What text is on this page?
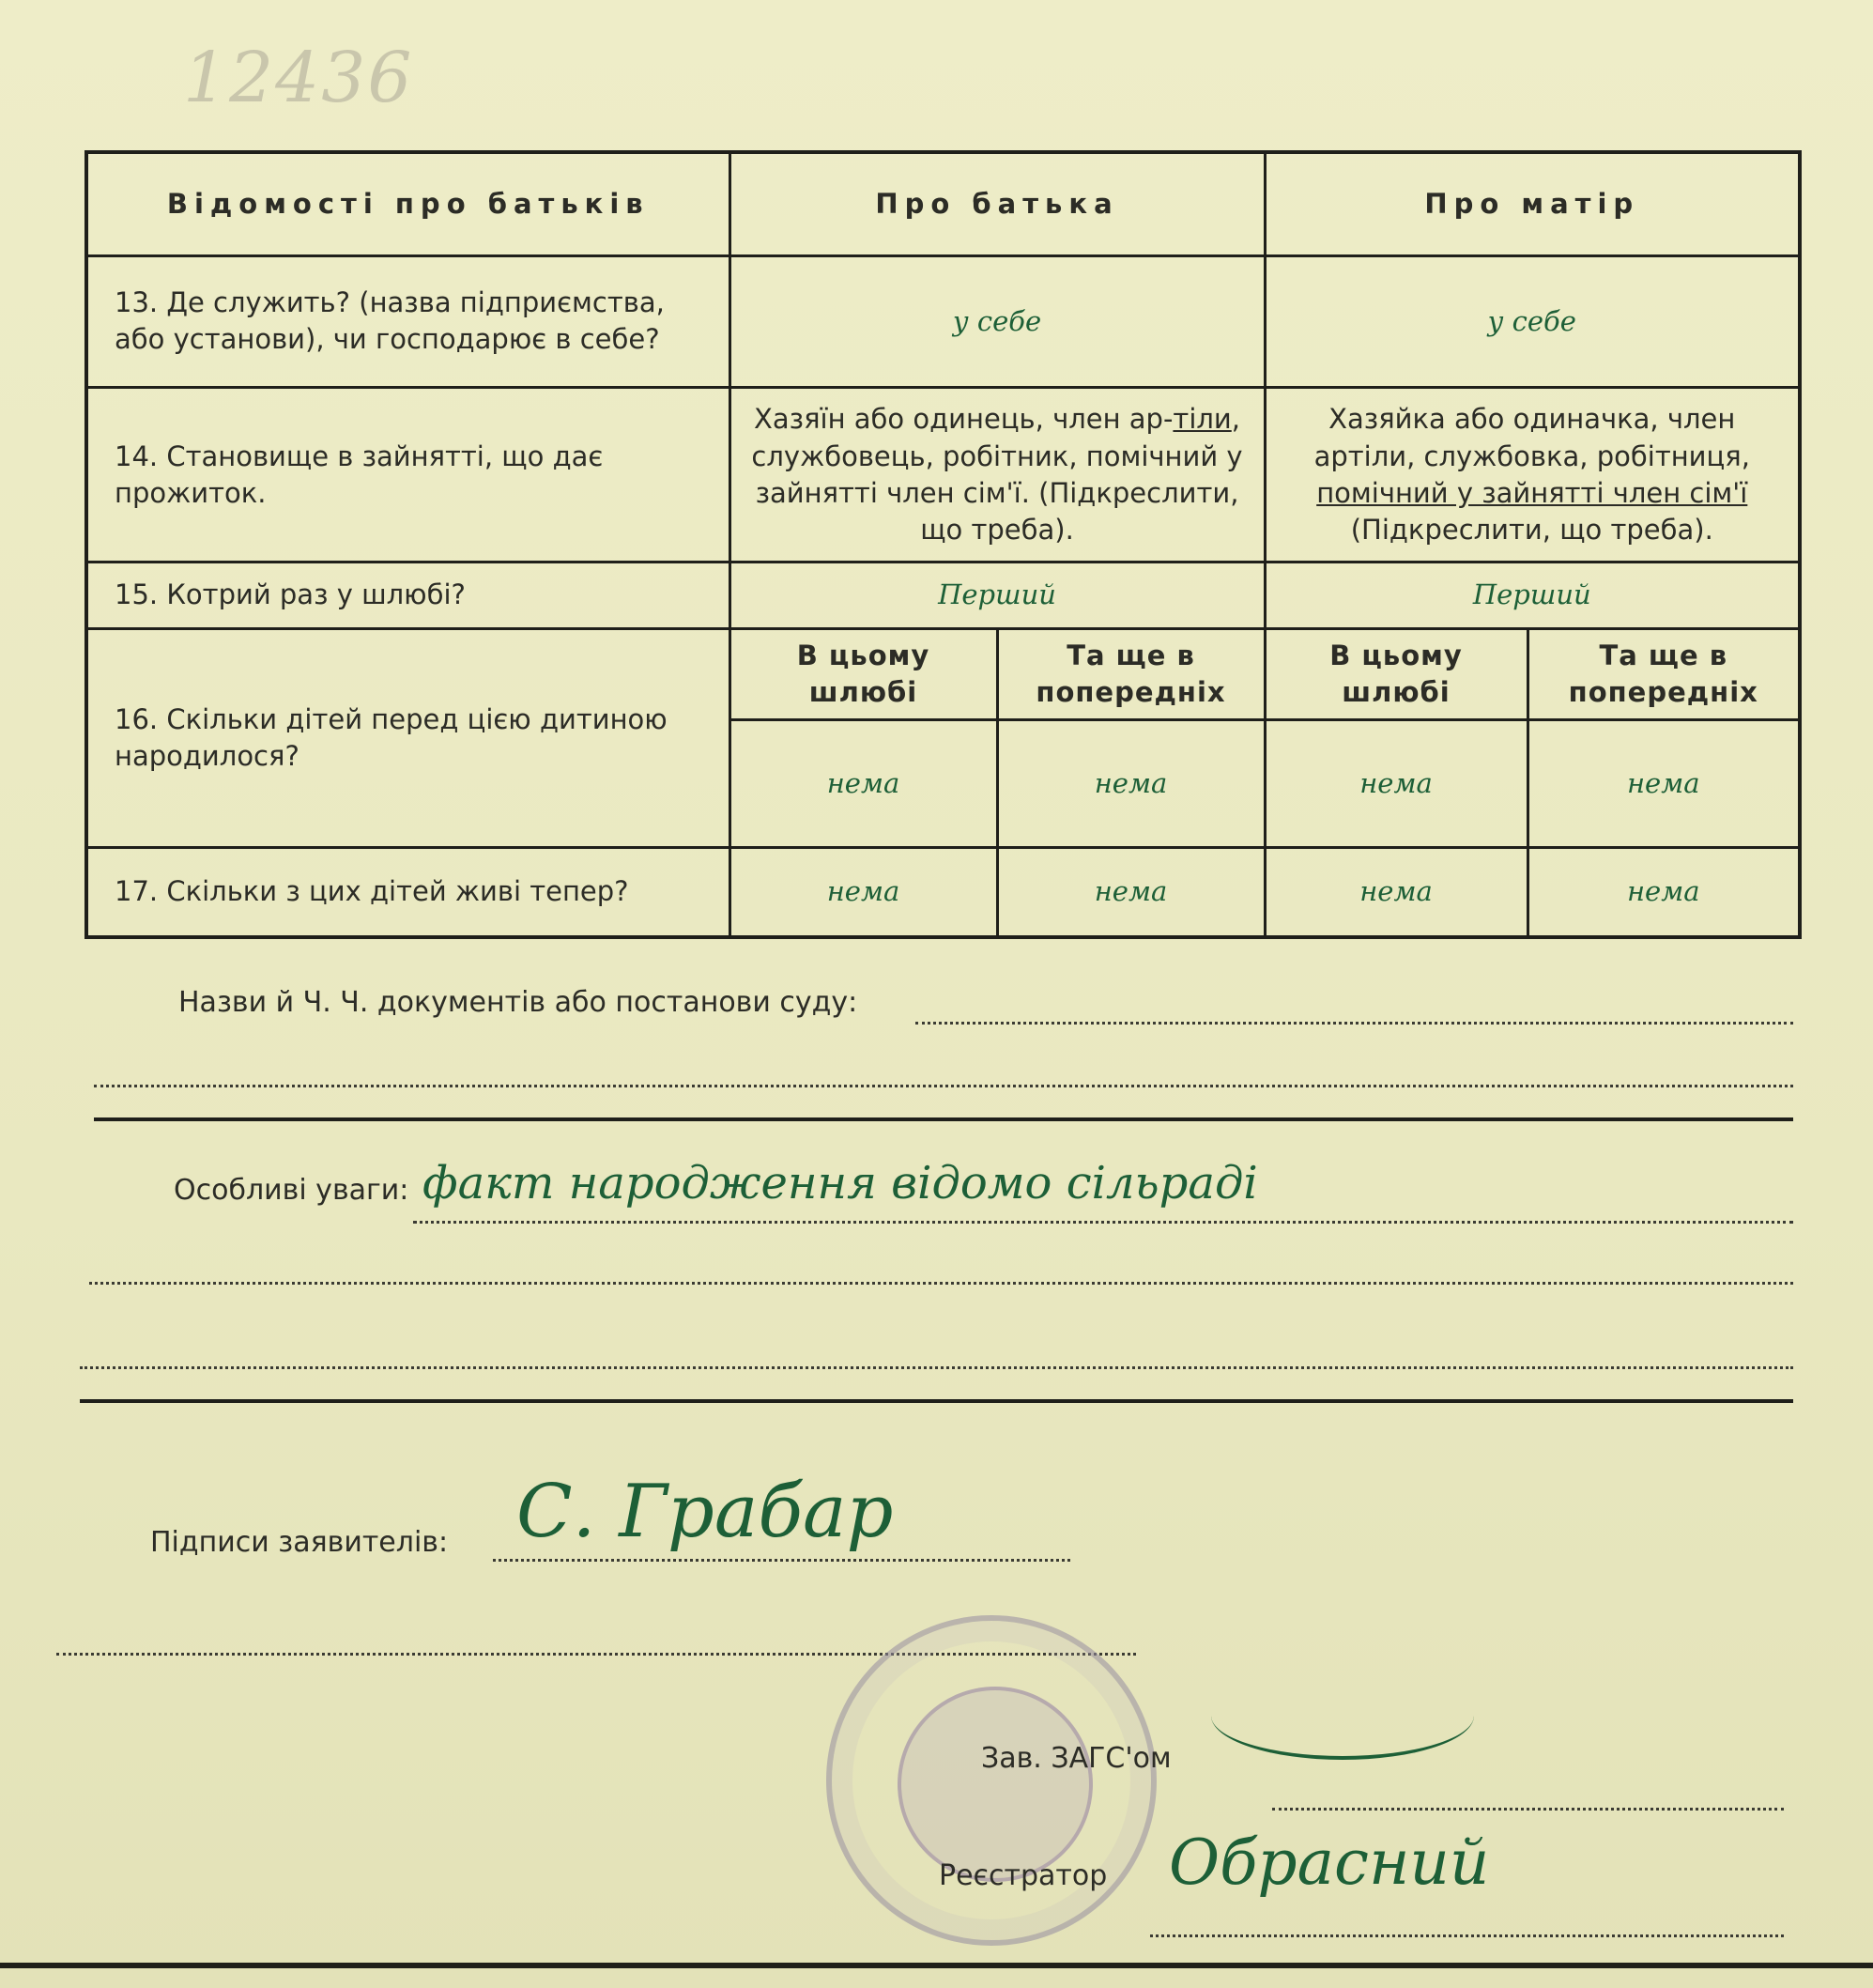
12436
Відомості про батьків	Про батька		Про матір	
13. Де служить? (назва підприємства, або установи), чи господарює в себе?	у себе		у себе	
14. Становище в зайнятті, що дає прожиток.	Хазяїн або одинець, член ар-тіли, службовець, робітник, помічний у зайнятті член сім'ї. (Підкреслити, що треба).		Хазяйка або одиначка, член артіли, службовка, робітниця, помічний у зайнятті член сім'ї (Підкреслити, що треба).	
15. Котрий раз у шлюбі?	Перший		Перший	
16. Скільки дітей перед цією дитиною народилося?	В цьому шлюбі	Та ще в попередніх	В цьому шлюбі	Та ще в попередніх
	нема	нема	нема	нема
17. Скільки з цих дітей живі тепер?	нема	нема	нема	нема
Назви й Ч. Ч. документів або постанови суду:
Особливі уваги: факт народження відомо сільраді
Підписи заявителів: С. Грабар
Зав. ЗАГС'ом
Реєстратор Обрасний
